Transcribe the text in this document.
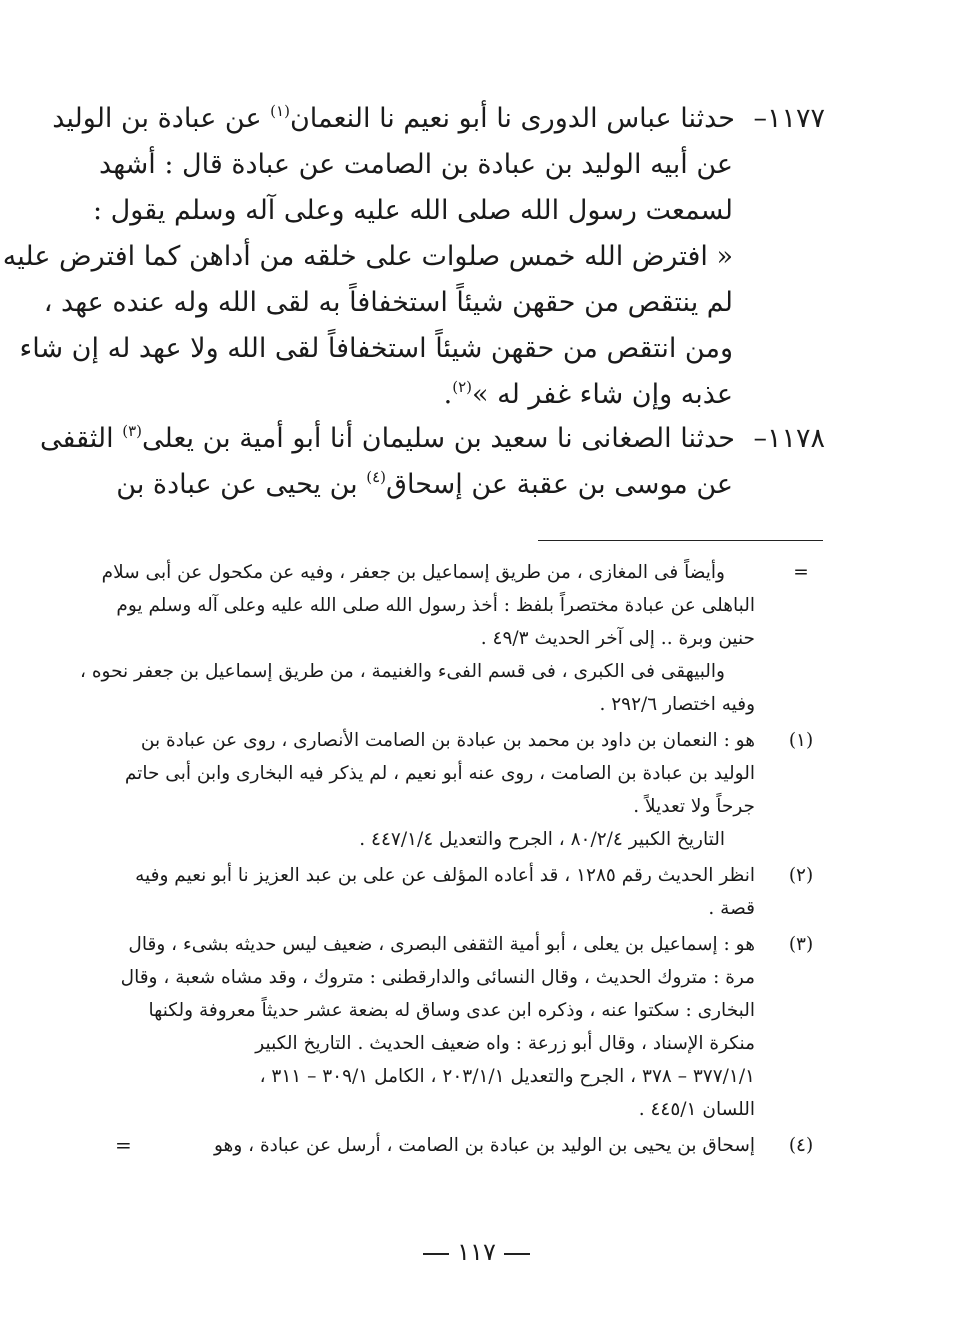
١١٧٧–حدثنا عباس الدورى نا أبو نعيم نا النعمان$^{(١)}$ عن عبادة بن الوليد
عن أبيه الوليد بن عبادة بن الصامت عن عبادة قال : أشهد
لسمعت رسول الله صلى الله عليه وعلى آله وسلم يقول :
« افترض الله خمس صلوات على خلقه من أداهن كما افترض عليه
لم ينتقص من حقهن شيئاً استخفافاً به لقى الله وله عنده عهد ،
ومن انتقص من حقهن شيئاً استخفافاً لقى الله ولا عهد له إن شاء
عذبه وإن شاء غفر له »$^{(٢)}$.
١١٧٨–حدثنا الصغانى نا سعيد بن سليمان أنا أبو أمية بن يعلى$^{(٣)}$ الثقفى
عن موسى بن عقبة عن إسحاق$^{(٤)}$ بن يحيى عن عبادة بن
=
وأيضاً فى المغازى ، من طريق إسماعيل بن جعفر ، وفيه عن مكحول عن أبى سلام
الباهلى عن عبادة مختصراً بلفظ : أخذ رسول الله صلى الله عليه وعلى آله وسلم يوم
حنين وبرة .. إلى آخر الحديث ٤٩/٣ .
والبيهقى فى الكبرى ، فى قسم الفىء والغنيمة ، من طريق إسماعيل بن جعفر نحوه ،
وفيه اختصار ٢٩٢/٦ .
(١)
هو : النعمان بن داود بن محمد بن عبادة بن الصامت الأنصارى ، روى عن عبادة بن
الوليد بن عبادة بن الصامت ، روى عنه أبو نعيم ، لم يذكر فيه البخارى وابن أبى حاتم
جرحاً ولا تعديلاً .
التاريخ الكبير ٨٠/٢/٤ ، الجرح والتعديل ٤٤٧/١/٤ .
(٢)
انظر الحديث رقم ١٢٨٥ ، قد أعاده المؤلف عن على بن عبد العزيز نا أبو نعيم وفيه
قصة .
(٣)
هو : إسماعيل بن يعلى ، أبو أمية الثقفى البصرى ، ضعيف ليس حديثه بشىء ، وقال
مرة : متروك الحديث ، وقال النسائى والدارقطنى : متروك ، وقد مشاه شعبة ، وقال
البخارى : سكتوا عنه ، وذكره ابن عدى وساق له بضعة عشر حديثاً معروفة ولكنها
منكرة الإسناد ، وقال أبو زرعة : واه ضعيف الحديث . التاريخ الكبير
٣٧٧/١/١ – ٣٧٨ ، الجرح والتعديل ٢٠٣/١/١ ، الكامل ٣٠٩/١ – ٣١١ ،
اللسان ٤٤٥/١ .
(٤)
إسحاق بن يحيى بن الوليد بن عبادة بن الصامت ، أرسل عن عبادة ، وهو
=
١١٧
